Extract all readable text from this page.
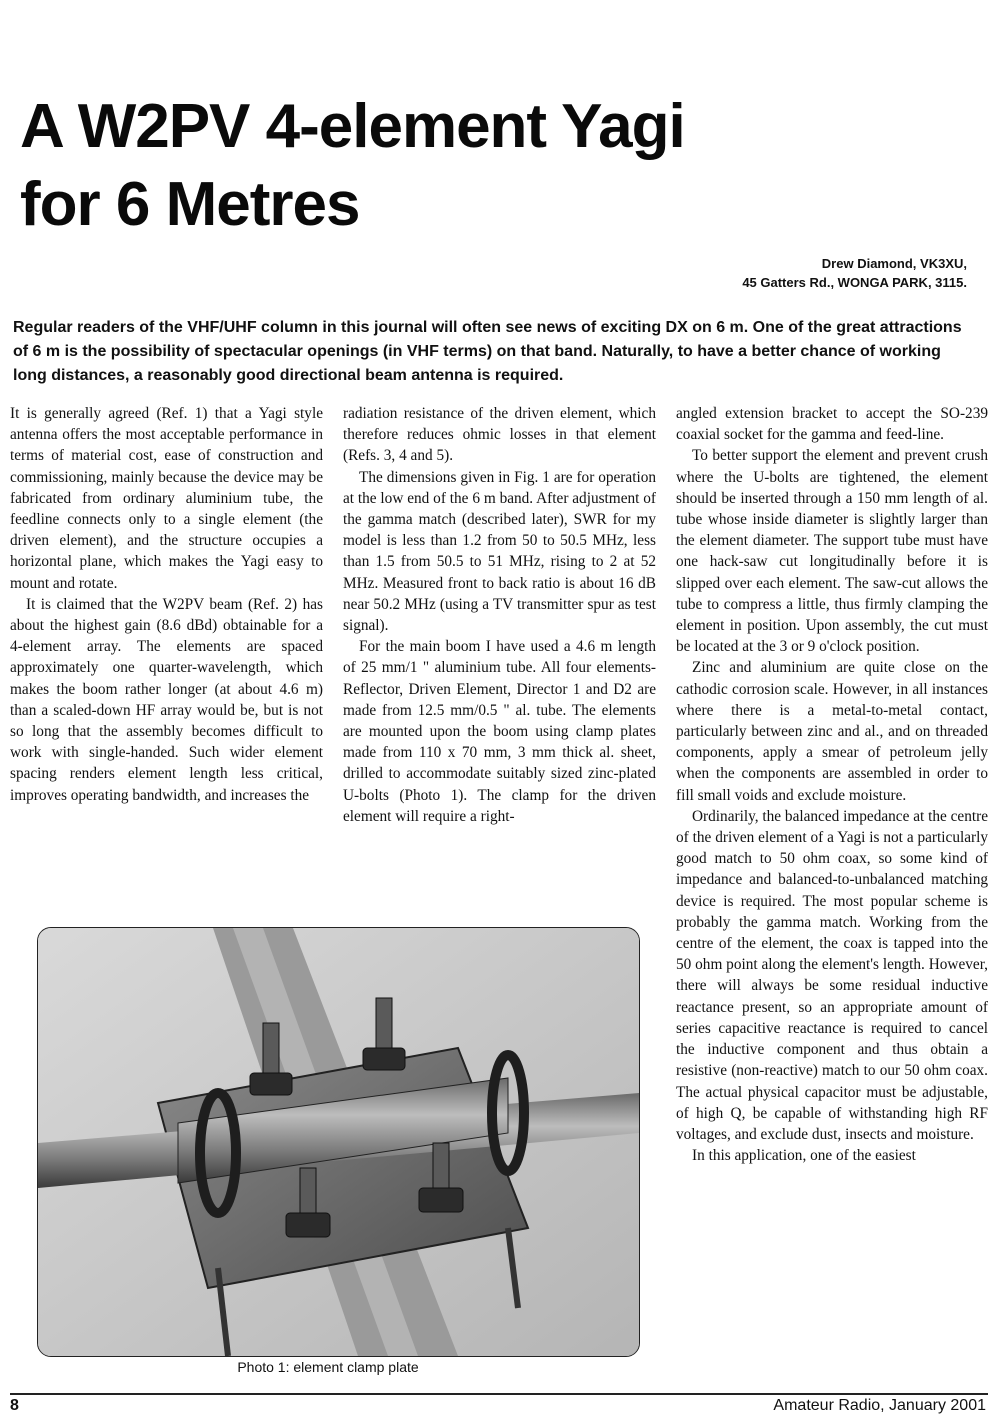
A W2PV 4-element Yagi
for 6 Metres
Drew Diamond, VK3XU,
45 Gatters Rd., WONGA PARK, 3115.
Regular readers of the VHF/UHF column in this journal will often see news of exciting DX on 6 m. One of the great attractions of 6 m is the possibility of spectacular openings (in VHF terms) on that band. Naturally, to have a better chance of working long distances, a reasonably good directional beam antenna is required.

It is generally agreed (Ref. 1) that a Yagi style antenna offers the most acceptable performance in terms of material cost, ease of construction and commissioning, mainly because the device may be fabricated from ordinary aluminium tube, the feedline connects only to a single element (the driven element), and the structure occupies a horizontal plane, which makes the Yagi easy to mount and rotate.

It is claimed that the W2PV beam (Ref. 2) has about the highest gain (8.6 dBd) obtainable for a 4-element array. The elements are spaced approximately one quarter-wavelength, which makes the boom rather longer (at about 4.6 m) than a scaled-down HF array would be, but is not so long that the assembly becomes difficult to work with single-handed. Such wider element spacing renders element length less critical, improves operating bandwidth, and increases the

radiation resistance of the driven element, which therefore reduces ohmic losses in that element (Refs. 3, 4 and 5).

The dimensions given in Fig. 1 are for operation at the low end of the 6 m band. After adjustment of the gamma match (described later), SWR for my model is less than 1.2 from 50 to 50.5 MHz, less than 1.5 from 50.5 to 51 MHz, rising to 2 at 52 MHz. Measured front to back ratio is about 16 dB near 50.2 MHz (using a TV transmitter spur as test signal).

For the main boom I have used a 4.6 m length of 25 mm/1 " aluminium tube. All four elements- Reflector, Driven Element, Director 1 and D2 are made from 12.5 mm/0.5 " al. tube. The elements are mounted upon the boom using clamp plates made from 110 x 70 mm, 3 mm thick al. sheet, drilled to accommodate suitably sized zinc-plated U-bolts (Photo 1). The clamp for the driven element will require a right-

angled extension bracket to accept the SO-239 coaxial socket for the gamma and feed-line.

To better support the element and prevent crush where the U-bolts are tightened, the element should be inserted through a 150 mm length of al. tube whose inside diameter is slightly larger than the element diameter. The support tube must have one hack-saw cut longitudinally before it is slipped over each element. The saw-cut allows the tube to compress a little, thus firmly clamping the element in position. Upon assembly, the cut must be located at the 3 or 9 o'clock position.

Zinc and aluminium are quite close on the cathodic corrosion scale. However, in all instances where there is a metal-to-metal contact, particularly between zinc and al., and on threaded components, apply a smear of petroleum jelly when the components are assembled in order to fill small voids and exclude moisture.

Ordinarily, the balanced impedance at the centre of the driven element of a Yagi is not a particularly good match to 50 ohm coax, so some kind of impedance and balanced-to-unbalanced matching device is required. The most popular scheme is probably the gamma match. Working from the centre of the element, the coax is tapped into the 50 ohm point along the element's length. However, there will always be some residual inductive reactance present, so an appropriate amount of series capacitive reactance is required to cancel the inductive component and thus obtain a resistive (non-reactive) match to our 50 ohm coax. The actual physical capacitor must be adjustable, of high Q, be capable of withstanding high RF voltages, and exclude dust, insects and moisture.

In this application, one of the easiest

Photo 1: element clamp plate
8	Amateur Radio, January 2001
